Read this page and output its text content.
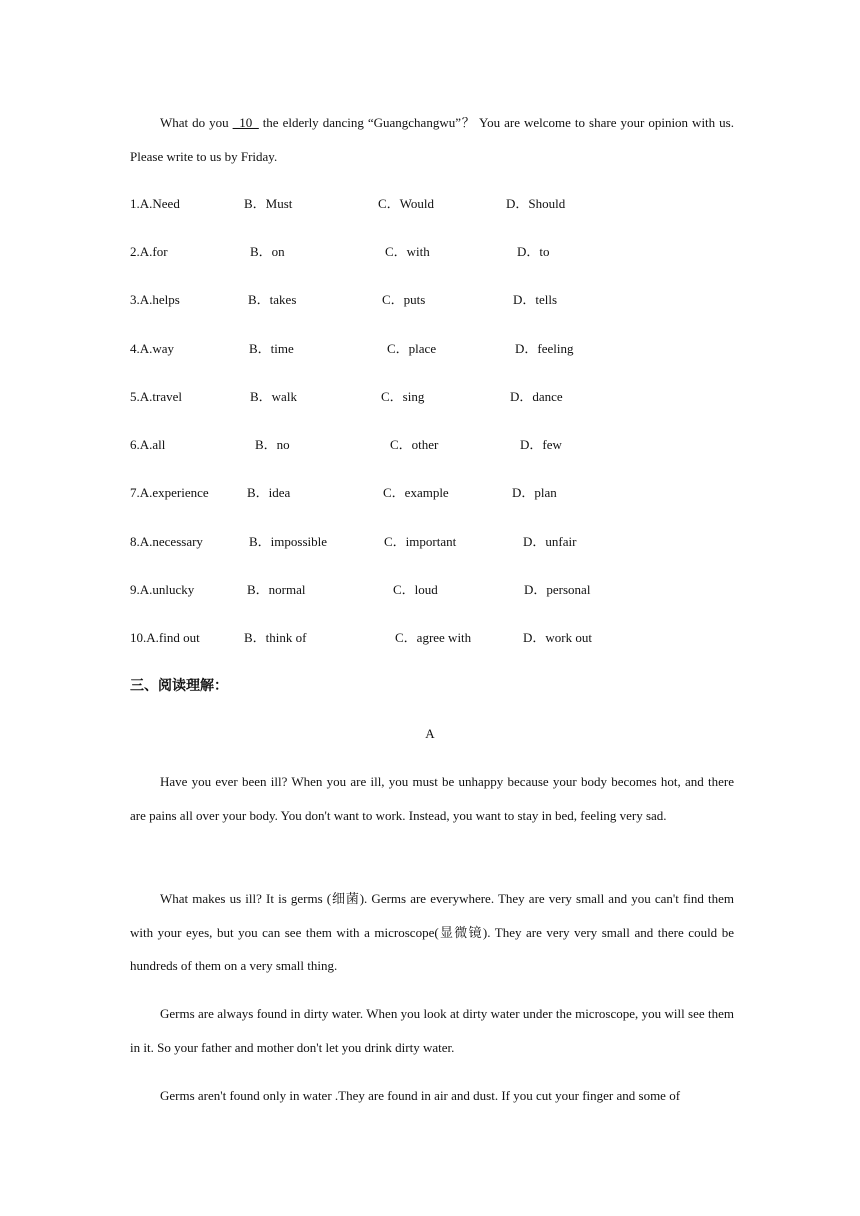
What do you _10_ the elderly dancing “Guangchangwu”？ You are welcome to share your opinion with us. Please write to us by Friday.

1.A.Need	B．Must	C．Would	D．Should
2.A.for	B．on	C．with	D．to
3.A.helps	B．takes	C．puts	D．tells
4.A.way	B．time	C．place	D．feeling
5.A.travel	B．walk	C．sing	D．dance
6.A.all	B．no	C．other	D．few
7.A.experience	B．idea	C．example	D．plan
8.A.necessary	B．impossible	C．important	D．unfair
9.A.unlucky	B．normal	C．loud	D．personal
10.A.find out	B．think of	C．agree with	D．work out

三、阅读理解：

A

Have you ever been ill? When you are ill, you must be unhappy because your body becomes hot, and there are pains all over your body. You don't want to work. Instead, you want to stay in bed, feeling very sad.

What makes us ill? It is germs (细菌). Germs are everywhere. They are very small and you can't find them with your eyes, but you can see them with a microscope(显微镜). They are very very small and there could be hundreds of them on a very small thing.

Germs are always found in dirty water. When you look at dirty water under the microscope, you will see them in it. So your father and mother don't let you drink dirty water.

Germs aren't found only in water .They are found in air and dust. If you cut your finger and some of
